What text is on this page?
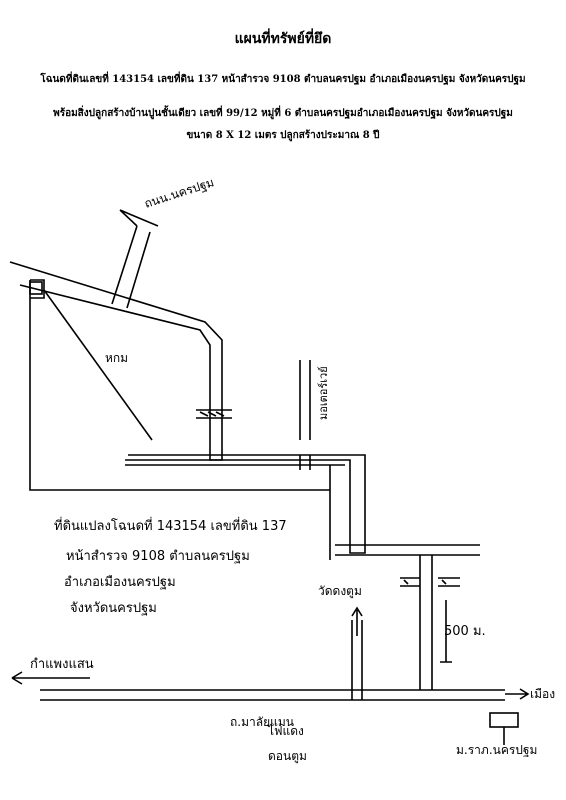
แผนที่ทรัพย์ที่ยึด
โฉนดที่ดินเลขที่ 143154 เลขที่ดิน 137 หน้าสำรวจ 9108 ตำบลนครปฐม อำเภอเมืองนครปฐม จังหวัดนครปฐม
พร้อมสิ่งปลูกสร้างบ้านปูนชั้นเดียว เลขที่ 99/12 หมู่ที่ 6 ตำบลนครปฐมอำเภอเมืองนครปฐม จังหวัดนครปฐม
ขนาด 8 X 12 เมตร ปลูกสร้างประมาณ 8 ปี
ถนน.นครปฐม
หกม
มอเตอร์เวย์
ที่ดินแปลงโฉนดที่ 143154 เลขที่ดิน 137
หน้าสำรวจ 9108 ตำบลนครปฐม
อำเภอเมืองนครปฐม
จังหวัดนครปฐม
วัดดงตูม
500 ม.
กำแพงแสน
ถ.มาลัยแมน
เมือง
ไฟแดง
ดอนตูม	ม.ราภ.นครปฐม
